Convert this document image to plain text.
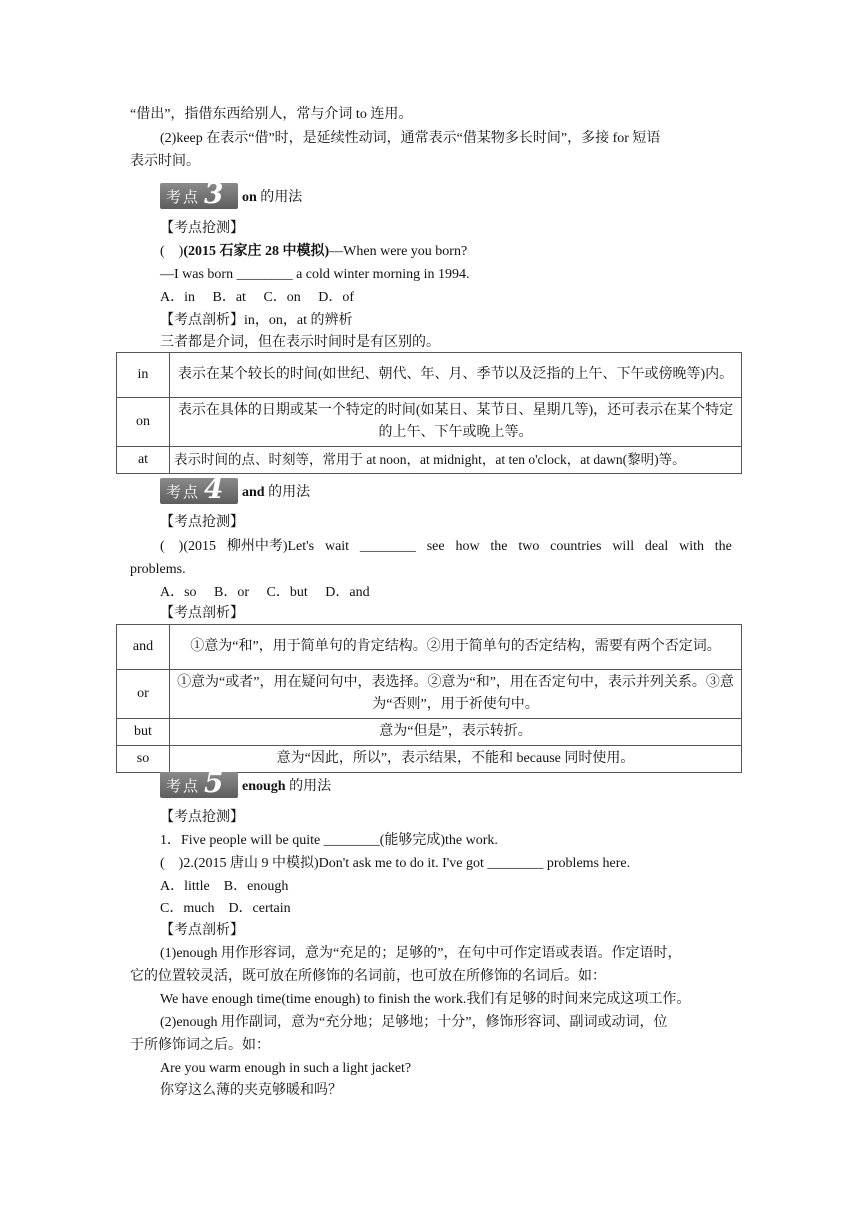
“借出”，指借东西给别人，常与介词 to 连用。
(2)keep 在表示“借”时，是延续性动词，通常表示“借某物多长时间”，多接 for 短语
表示时间。
考点 3 on 的用法
【考点抢测】
(　)(2015 石家庄 28 中模拟)—When were you born?
—I was born ________ a cold winter morning in 1994.
A．in　 B．at　 C．on　 D．of
【考点剖析】in，on，at 的辨析
三者都是介词，但在表示时间时是有区别的。
in	表示在某个较长的时间(如世纪、朝代、年、月、季节以及泛指的上午、下午或傍晚等)内。
on	表示在具体的日期或某一个特定的时间(如某日、某节日、星期几等)，还可表示在某个特定的上午、下午或晚上等。
at	表示时间的点、时刻等，常用于 at noon，at midnight，at ten o'clock，at dawn(黎明)等。
考点 4 and 的用法
【考点抢测】
(　)(2015 柳州中考)Let's wait ________ see how the two countries will deal with the
problems.
A．so　 B．or　 C．but　 D．and
【考点剖析】
and	①意为“和”，用于简单句的肯定结构。②用于简单句的否定结构，需要有两个否定词。
or	①意为“或者”，用在疑问句中，表选择。②意为“和”，用在否定句中，表示并列关系。③意为“否则”，用于祈使句中。
but	意为“但是”，表示转折。
so	意为“因此，所以”，表示结果，不能和 because 同时使用。
考点 5 enough 的用法
【考点抢测】
1．Five people will be quite ________(能够完成)the work.
(　)2.(2015 唐山 9 中模拟)Don't ask me to do it. I've got ________ problems here.
A．little　B．enough
C．much　D．certain
【考点剖析】
(1)enough 用作形容词，意为“充足的；足够的”，在句中可作定语或表语。作定语时，
它的位置较灵活，既可放在所修饰的名词前，也可放在所修饰的名词后。如：
We have enough time(time enough) to finish the work.我们有足够的时间来完成这项工作。
(2)enough 用作副词，意为“充分地；足够地；十分”，修饰形容词、副词或动词，位
于所修饰词之后。如：
Are you warm enough in such a light jacket?
你穿这么薄的夹克够暖和吗？
